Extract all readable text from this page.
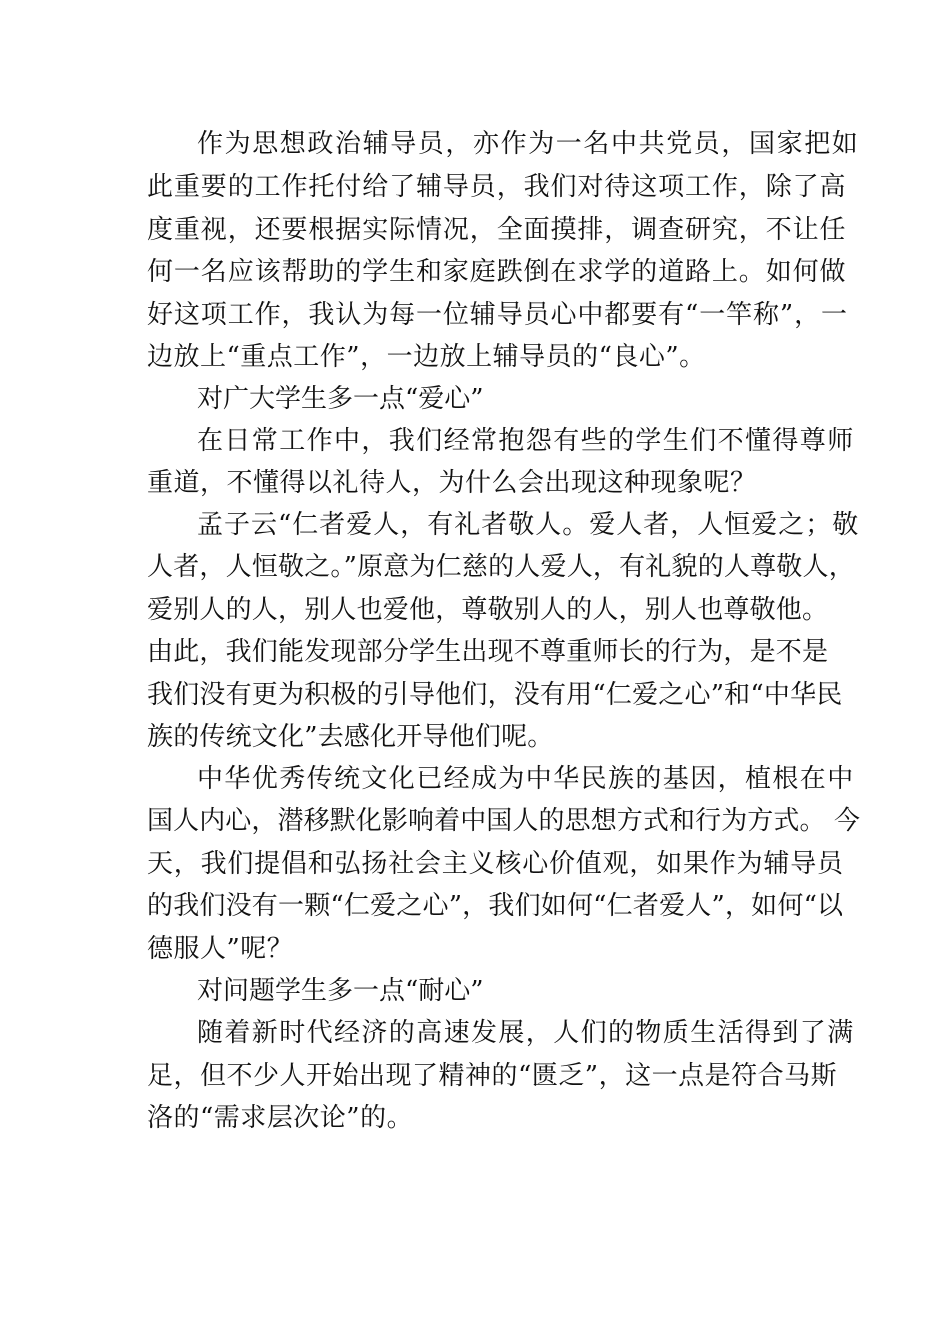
作为思想政治辅导员，亦作为一名中共党员，国家把如

此重要的工作托付给了辅导员，我们对待这项工作，除了高

度重视，还要根据实际情况，全面摸排，调查研究，不让任

何一名应该帮助的学生和家庭跌倒在求学的道路上。如何做

好这项工作，我认为每一位辅导员心中都要有“一竿称”，一

边放上“重点工作”，一边放上辅导员的“良心”。

对广大学生多一点“爱心”

在日常工作中，我们经常抱怨有些的学生们不懂得尊师

重道，不懂得以礼待人，为什么会出现这种现象呢？

孟子云“仁者爱人，有礼者敬人。爱人者，人恒爱之；敬

人者，人恒敬之。”原意为仁慈的人爱人，有礼貌的人尊敬人，

爱别人的人，别人也爱他，尊敬别人的人，别人也尊敬他。

由此，我们能发现部分学生出现不尊重师长的行为，是不是

我们没有更为积极的引导他们，没有用“仁爱之心”和“中华民

族的传统文化”去感化开导他们呢。

中华优秀传统文化已经成为中华民族的基因，植根在中

国人内心，潜移默化影响着中国人的思想方式和行为方式。 今

天，我们提倡和弘扬社会主义核心价值观，如果作为辅导员

的我们没有一颗“仁爱之心”，我们如何“仁者爱人”，如何“以

德服人”呢？

对问题学生多一点“耐心”

随着新时代经济的高速发展，人们的物质生活得到了满

足，但不少人开始出现了精神的“匮乏”，这一点是符合马斯

洛的“需求层次论”的。
